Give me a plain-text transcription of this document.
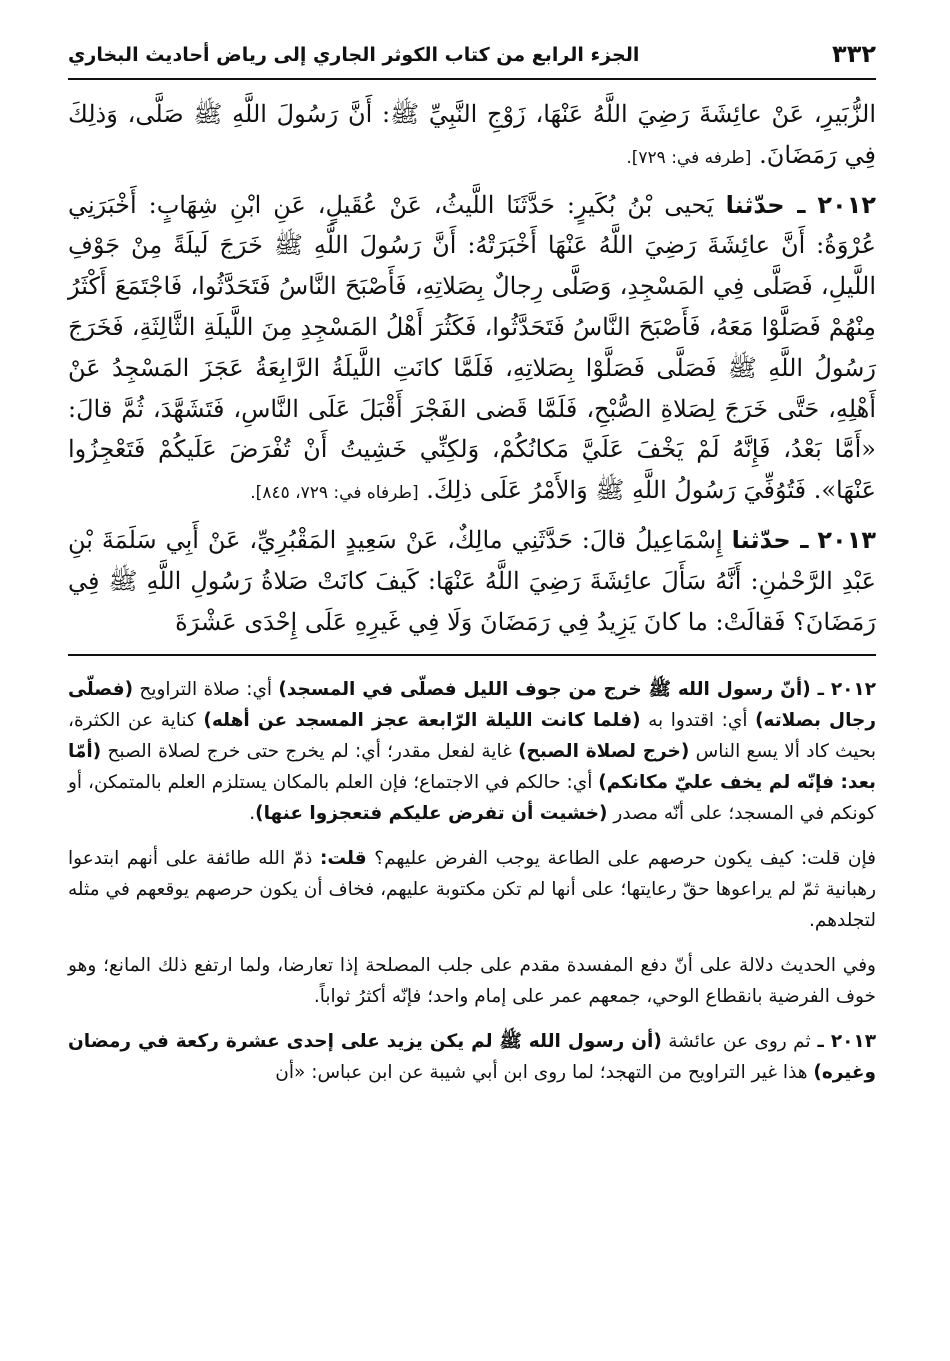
٣٣٢
الجزء الرابع من كتاب الكوثر الجاري إلى رياض أحاديث البخاري

الزُّبَيرِ، عَنْ عائِشَةَ رَضِيَ اللَّهُ عَنْهَا، زَوْجِ النَّبِيِّ ﷺ: أَنَّ رَسُولَ اللَّهِ ﷺ صَلَّى، وَذلِكَ فِي رَمَضَانَ. [طرفه في: ٧٢٩].

٢٠١٢ ـ حدّثنا يَحيى بْنُ بُكَيرٍ: حَدَّثَنَا اللَّيثُ، عَنْ عُقَيلٍ، عَنِ ابْنِ شِهَابٍ: أَخْبَرَنِي عُرْوَةُ: أَنَّ عائِشَةَ رَضِيَ اللَّهُ عَنْهَا أَخْبَرَتْهُ: أَنَّ رَسُولَ اللَّهِ ﷺ خَرَجَ لَيلَةً مِنْ جَوْفِ اللَّيلِ، فَصَلَّى فِي المَسْجِدِ، وَصَلَّى رِجالٌ بِصَلاتِهِ، فَأَصْبَحَ النَّاسُ فَتَحَدَّثُوا، فَاجْتَمَعَ أَكْثَرُ مِنْهُمْ فَصَلَّوْا مَعَهُ، فَأَصْبَحَ النَّاسُ فَتَحَدَّثُوا، فَكَثُرَ أَهْلُ المَسْجِدِ مِنَ اللَّيلَةِ الثَّالِثَةِ، فَخَرَجَ رَسُولُ اللَّهِ ﷺ فَصَلَّى فَصَلَّوْا بِصَلاتِهِ، فَلَمَّا كانَتِ اللَّيلَةُ الرَّابِعَةُ عَجَزَ المَسْجِدُ عَنْ أَهْلِهِ، حَتَّى خَرَجَ لِصَلاةِ الصُّبْحِ، فَلَمَّا قَضى الفَجْرَ أَقْبَلَ عَلَى النَّاسِ، فَتَشَهَّدَ، ثُمَّ قالَ: «أَمَّا بَعْدُ، فَإِنَّهُ لَمْ يَخْفَ عَلَيَّ مَكانُكُمْ، وَلكِنِّي خَشِيتُ أَنْ تُفْرَضَ عَلَيكُمْ فَتَعْجِزُوا عَنْهَا». فَتُوُفِّيَ رَسُولُ اللَّهِ ﷺ وَالأَمْرُ عَلَى ذلِكَ. [طرفاه في: ٧٢٩، ٨٤٥].

٢٠١٣ ـ حدّثنا إِسْمَاعِيلُ قالَ: حَدَّثَنِي مالِكٌ، عَنْ سَعِيدٍ المَقْبُرِيِّ، عَنْ أَبِي سَلَمَةَ بْنِ عَبْدِ الرَّحْمٰنِ: أَنَّهُ سَأَلَ عائِشَةَ رَضِيَ اللَّهُ عَنْهَا: كَيفَ كانَتْ صَلاةُ رَسُولِ اللَّهِ ﷺ فِي رَمَضَانَ؟ فَقالَتْ: ما كانَ يَزِيدُ فِي رَمَضَانَ وَلَا فِي غَيرِهِ عَلَى إِحْدَى عَشْرَةَ

٢٠١٢ ـ (أنّ رسول الله ﷺ خرج من جوف الليل فصلّى في المسجد) أي: صلاة التراويح (فصلّى رجال بصلاته) أي: اقتدوا به (فلما كانت الليلة الرّابعة عجز المسجد عن أهله) كناية عن الكثرة، بحيث كاد ألا يسع الناس (خرج لصلاة الصبح) غاية لفعل مقدر؛ أي: لم يخرج حتى خرج لصلاة الصبح (أمّا بعد: فإنّه لم يخف عليّ مكانكم) أي: حالكم في الاجتماع؛ فإن العلم بالمكان يستلزم العلم بالمتمكن، أو كونكم في المسجد؛ على أنّه مصدر (خشيت أن تفرض عليكم فتعجزوا عنها).

فإن قلت: كيف يكون حرصهم على الطاعة يوجب الفرض عليهم؟ قلت: ذمّ الله طائفة على أنهم ابتدعوا رهبانية ثمّ لم يراعوها حقّ رعايتها؛ على أنها لم تكن مكتوبة عليهم، فخاف أن يكون حرصهم يوقعهم في مثله لتجلدهم.

وفي الحديث دلالة على أنّ دفع المفسدة مقدم على جلب المصلحة إذا تعارضا، ولما ارتفع ذلك المانع؛ وهو خوف الفرضية بانقطاع الوحي، جمعهم عمر على إمام واحد؛ فإنّه أكثرُ ثواباً.

٢٠١٣ ـ ثم روى عن عائشة (أن رسول الله ﷺ لم يكن يزيد على إحدى عشرة ركعة في رمضان وغيره) هذا غير التراويح من التهجد؛ لما روى ابن أبي شيبة عن ابن عباس: «أن
